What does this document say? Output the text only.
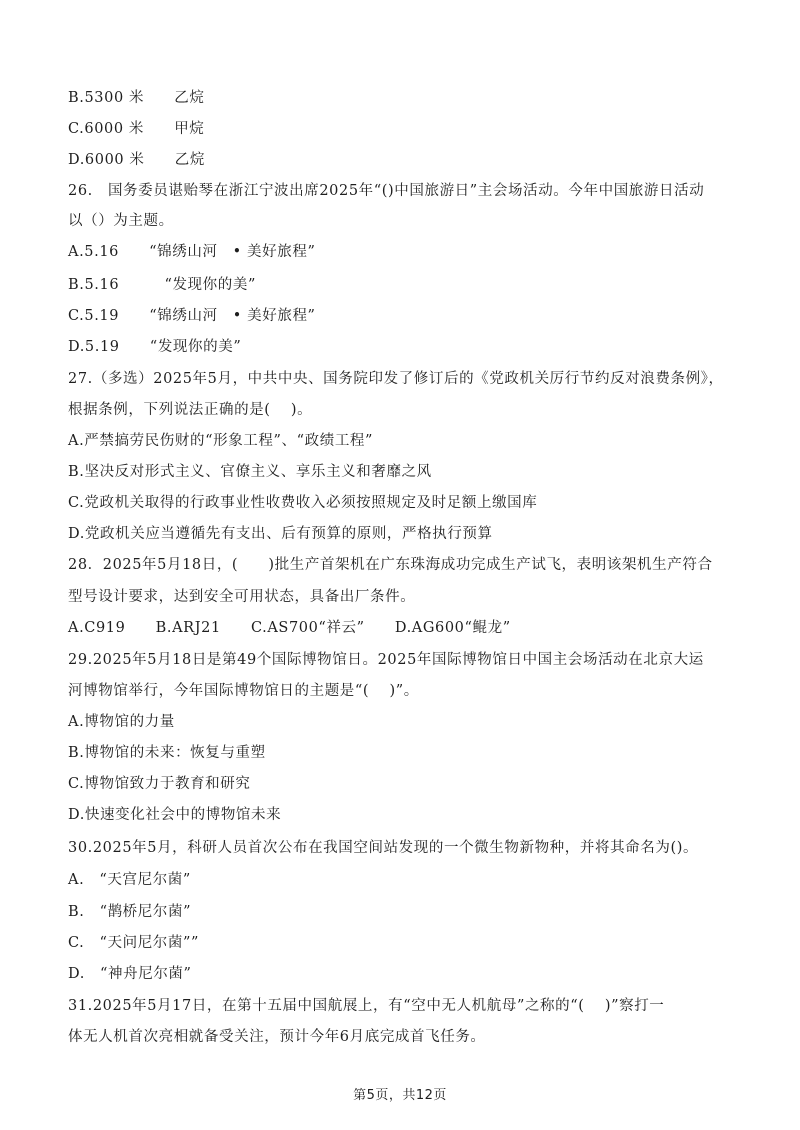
B.5300 米　　乙烷
C.6000 米　　甲烷
D.6000 米　　乙烷
26.　国务委员谌贻琴在浙江宁波出席2025年“()中国旅游日”主会场活动。今年中国旅游日活动
以（）为主题。
A.5.16　　“锦绣山河　• 美好旅程”
B.5.16　　　“发现你的美”
C.5.19　　“锦绣山河　• 美好旅程”
D.5.19　　“发现你的美”
27.（多选）2025年5月，中共中央、国务院印发了修订后的《党政机关厉行节约反对浪费条例》，
根据条例，下列说法正确的是(　 )。
A.严禁搞劳民伤财的“形象工程”、“政绩工程”
B.坚决反对形式主义、官僚主义、享乐主义和奢靡之风
C.党政机关取得的行政事业性收费收入必须按照规定及时足额上缴国库
D.党政机关应当遵循先有支出、后有预算的原则，严格执行预算
28．2025年5月18日，(　　)批生产首架机在广东珠海成功完成生产试飞，表明该架机生产符合
型号设计要求，达到安全可用状态，具备出厂条件。
A.C919　　B.ARJ21　　C.AS700“祥云”　　D.AG600“鲲龙”
29.2025年5月18日是第49个国际博物馆日。2025年国际博物馆日中国主会场活动在北京大运
河博物馆举行，今年国际博物馆日的主题是“(　 )”。
A.博物馆的力量
B.博物馆的未来：恢复与重塑
C.博物馆致力于教育和研究
D.快速变化社会中的博物馆未来
30.2025年5月，科研人员首次公布在我国空间站发现的一个微生物新物种，并将其命名为()。
A.　“天宫尼尔菌”
B.　“鹊桥尼尔菌”
C.　“天问尼尔菌””
D.　“神舟尼尔菌”
31.2025年5月17日，在第十五届中国航展上，有“空中无人机航母”之称的“(　 )”察打一
体无人机首次亮相就备受关注，预计今年6月底完成首飞任务。
第5页，共12页
